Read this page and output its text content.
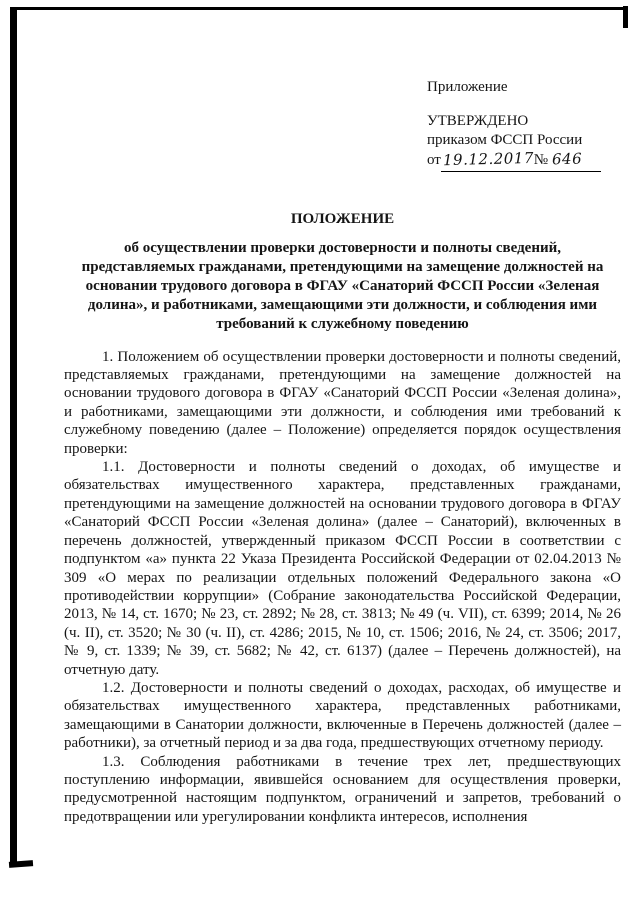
Приложение
УТВЕРЖДЕНО
приказом ФССП России
от 19.12.2017№ 646
ПОЛОЖЕНИЕ
об осуществлении проверки достоверности и полноты сведений, представляемых гражданами, претендующими на замещение должностей на основании трудового договора в ФГАУ «Санаторий ФССП России «Зеленая долина», и работниками, замещающими эти должности, и соблюдения ими требований к служебному поведению

1. Положением об осуществлении проверки достоверности и полноты сведений, представляемых гражданами, претендующими на замещение должностей на основании трудового договора в ФГАУ «Санаторий ФССП России «Зеленая долина», и работниками, замещающими эти должности, и соблюдения ими требований к служебному поведению (далее – Положение) определяется порядок осуществления проверки:

1.1. Достоверности и полноты сведений о доходах, об имуществе и обязательствах имущественного характера, представленных гражданами, претендующими на замещение должностей на основании трудового договора в ФГАУ «Санаторий ФССП России «Зеленая долина» (далее – Санаторий), включенных в перечень должностей, утвержденный приказом ФССП России в соответствии с подпунктом «а» пункта 22 Указа Президента Российской Федерации от 02.04.2013 № 309 «О мерах по реализации отдельных положений Федерального закона «О противодействии коррупции» (Собрание законодательства Российской Федерации, 2013, № 14, ст. 1670; № 23, ст. 2892; № 28, ст. 3813; № 49 (ч. VII), ст. 6399; 2014, № 26 (ч. II), ст. 3520; № 30 (ч. II), ст. 4286; 2015, № 10, ст. 1506; 2016, № 24, ст. 3506; 2017, № 9, ст. 1339; № 39, ст. 5682; № 42, ст. 6137) (далее – Перечень должностей), на отчетную дату.

1.2. Достоверности и полноты сведений о доходах, расходах, об имуществе и обязательствах имущественного характера, представленных работниками, замещающими в Санатории должности, включенные в Перечень должностей (далее – работники), за отчетный период и за два года, предшествующих отчетному периоду.

1.3. Соблюдения работниками в течение трех лет, предшествующих поступлению информации, явившейся основанием для осуществления проверки, предусмотренной настоящим подпунктом, ограничений и запретов, требований о предотвращении или урегулировании конфликта интересов, исполнения
